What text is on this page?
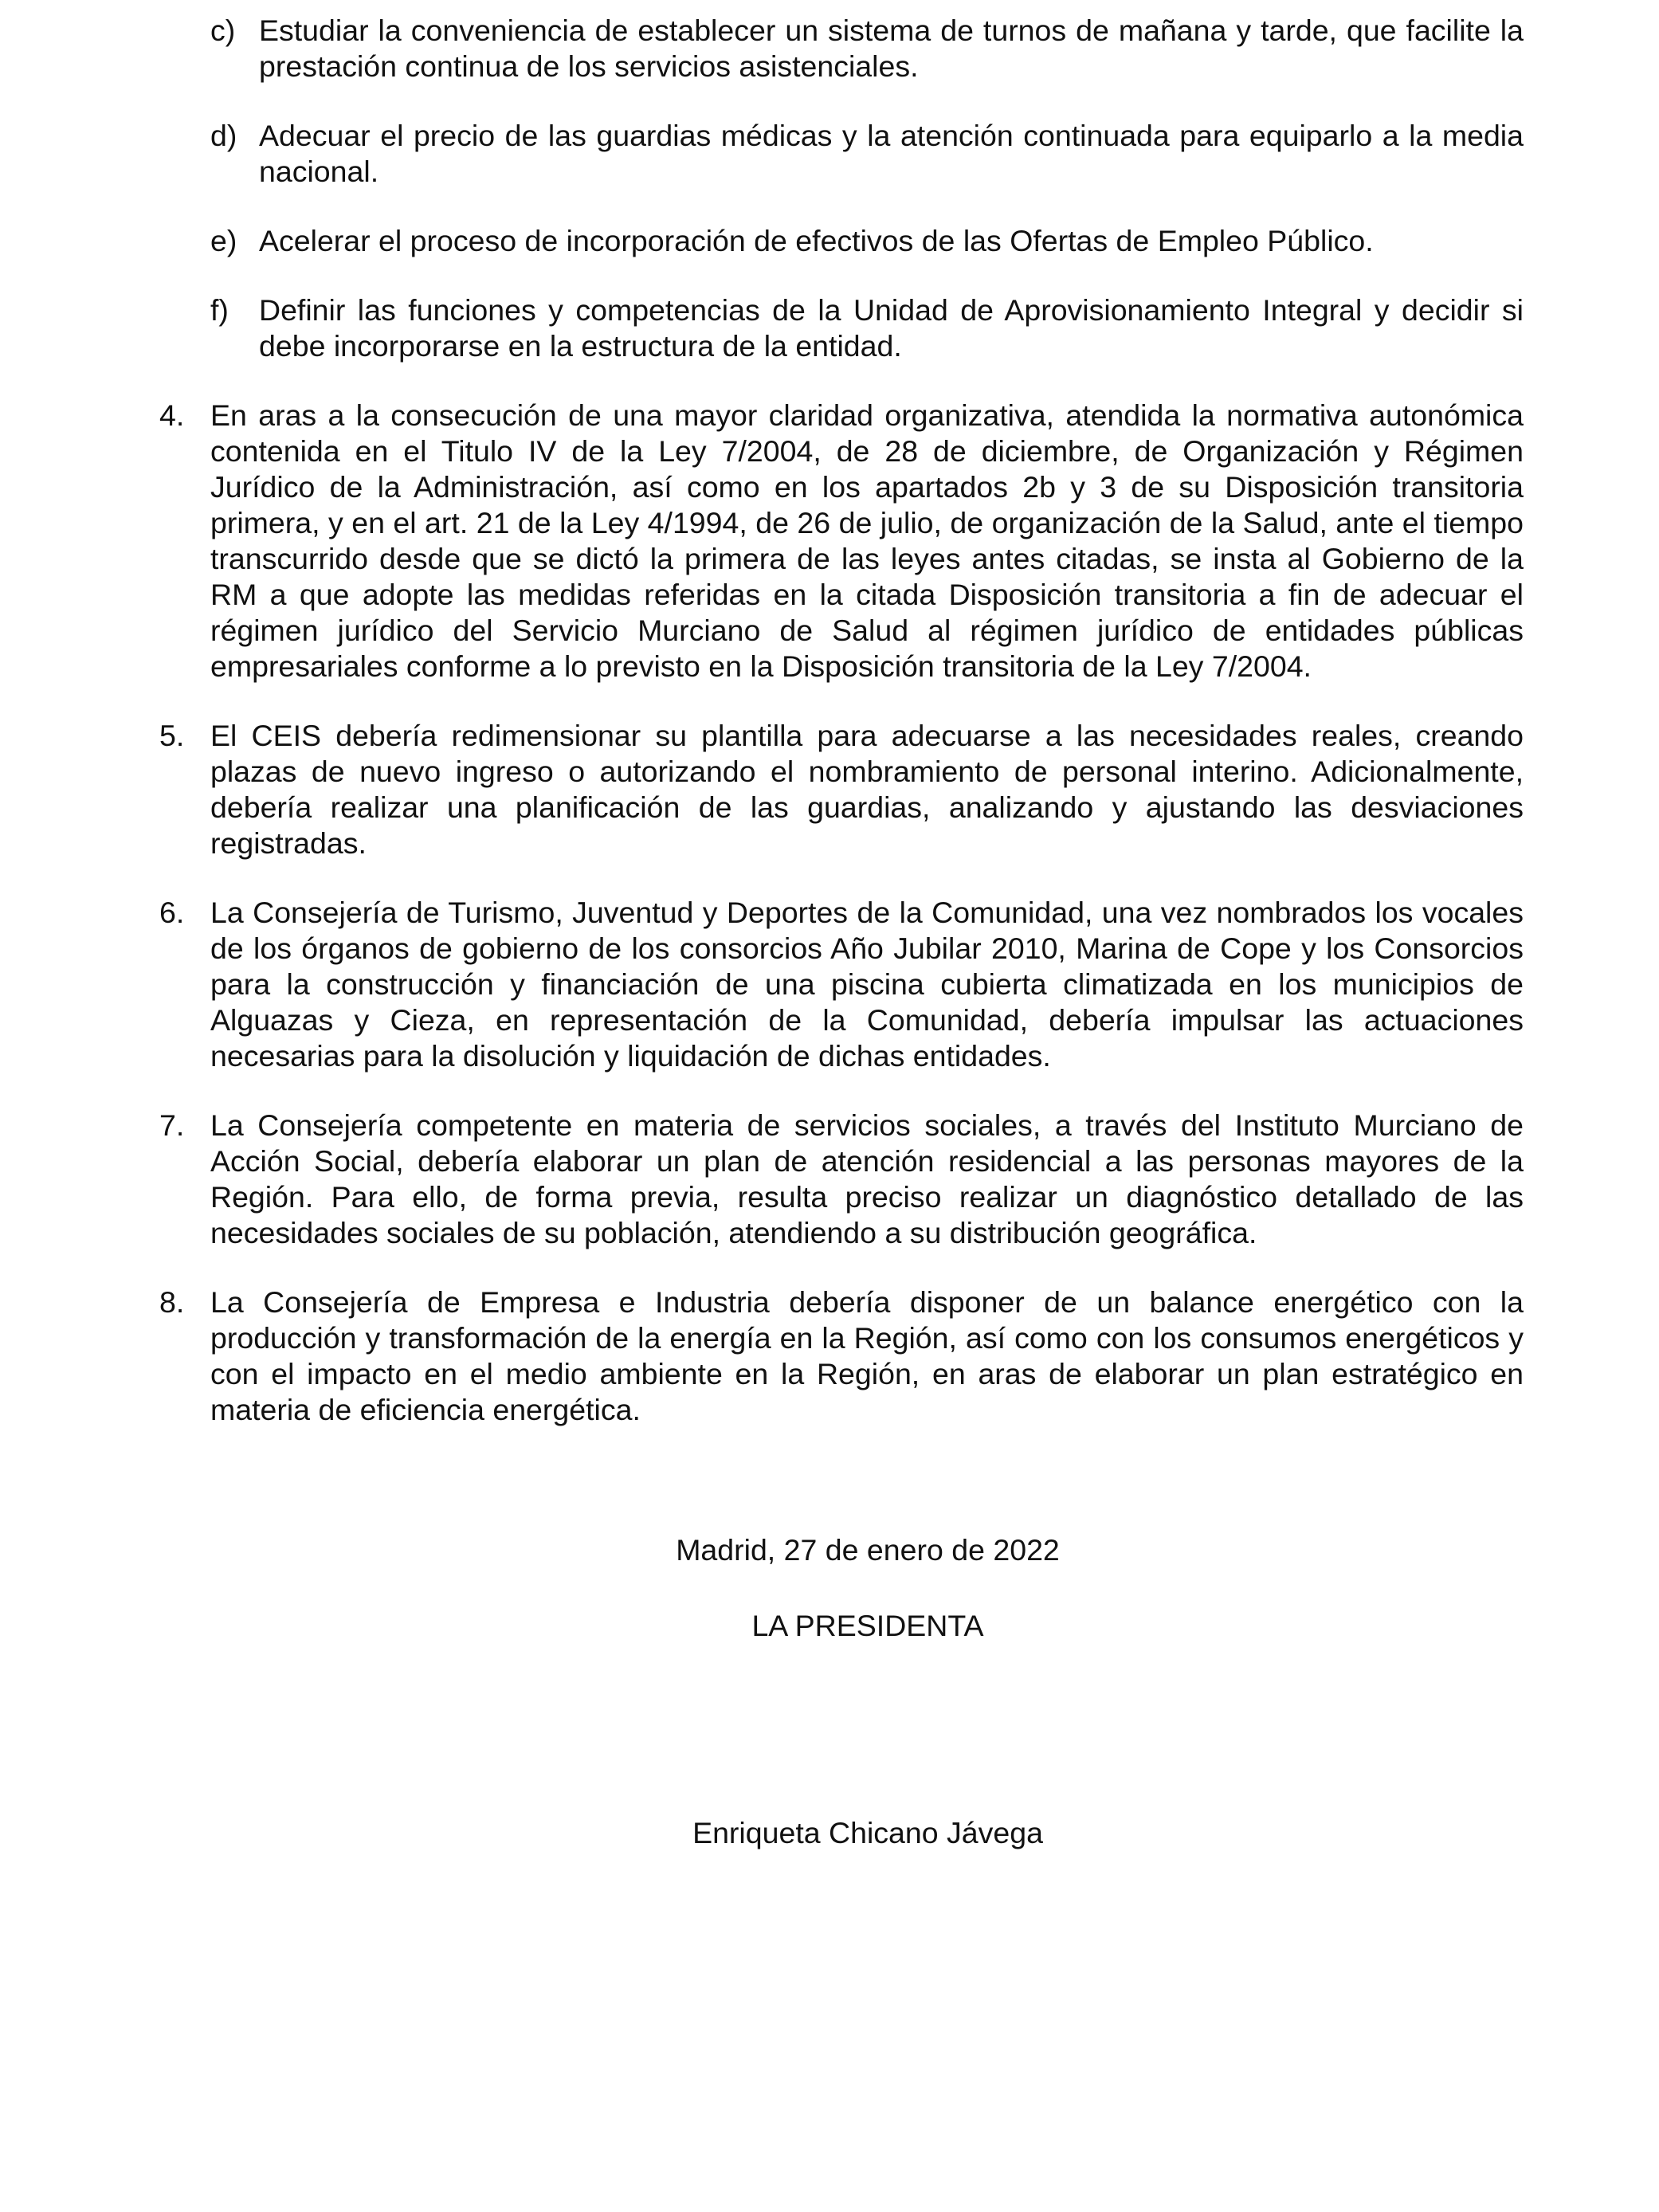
c) Estudiar la conveniencia de establecer un sistema de turnos de mañana y tarde, que facilite la prestación continua de los servicios asistenciales.
d) Adecuar el precio de las guardias médicas y la atención continuada para equiparlo a la media nacional.
e) Acelerar el proceso de incorporación de efectivos de las Ofertas de Empleo Público.
f)	Definir las funciones y competencias de la Unidad de Aprovisionamiento Integral y decidir si debe incorporarse en la estructura de la entidad.
4. En aras a la consecución de una mayor claridad organizativa, atendida la normativa autonómica contenida en el Titulo IV de la Ley 7/2004, de 28 de diciembre, de Organización y Régimen Jurídico de la Administración, así como en los apartados 2b y 3 de su Disposición transitoria primera, y en el art. 21 de la Ley 4/1994, de 26 de julio, de organización de la Salud, ante el tiempo transcurrido desde que se dictó la primera de las leyes antes citadas, se insta al Gobierno de la RM a que adopte las medidas referidas en la citada Disposición transitoria a fin de adecuar el régimen jurídico del Servicio Murciano de Salud al régimen jurídico de entidades públicas empresariales conforme a lo previsto en la Disposición transitoria de la Ley 7/2004.
5. El CEIS debería redimensionar su plantilla para adecuarse a las necesidades reales, creando plazas de nuevo ingreso o autorizando el nombramiento de personal interino. Adicionalmente, debería realizar una planificación de las guardias, analizando y ajustando las desviaciones registradas.
6. La Consejería de Turismo, Juventud y Deportes de la Comunidad, una vez nombrados los vocales de los órganos de gobierno de los consorcios Año Jubilar 2010, Marina de Cope y los Consorcios para la construcción y financiación de una piscina cubierta climatizada en los municipios de Alguazas y Cieza, en representación de la Comunidad, debería impulsar las actuaciones necesarias para la disolución y liquidación de dichas entidades.
7. La Consejería competente en materia de servicios sociales, a través del Instituto Murciano de Acción Social, debería elaborar un plan de atención residencial a las personas mayores de la Región. Para ello, de forma previa, resulta preciso realizar un diagnóstico detallado de las necesidades sociales de su población, atendiendo a su distribución geográfica.
8. La Consejería de Empresa e Industria debería disponer de un balance energético con la producción y transformación de la energía en la Región, así como con los consumos energéticos y con el impacto en el medio ambiente en la Región, en aras de elaborar un plan estratégico en materia de eficiencia energética.
Madrid, 27 de enero de 2022
LA PRESIDENTA
Enriqueta Chicano Jávega
